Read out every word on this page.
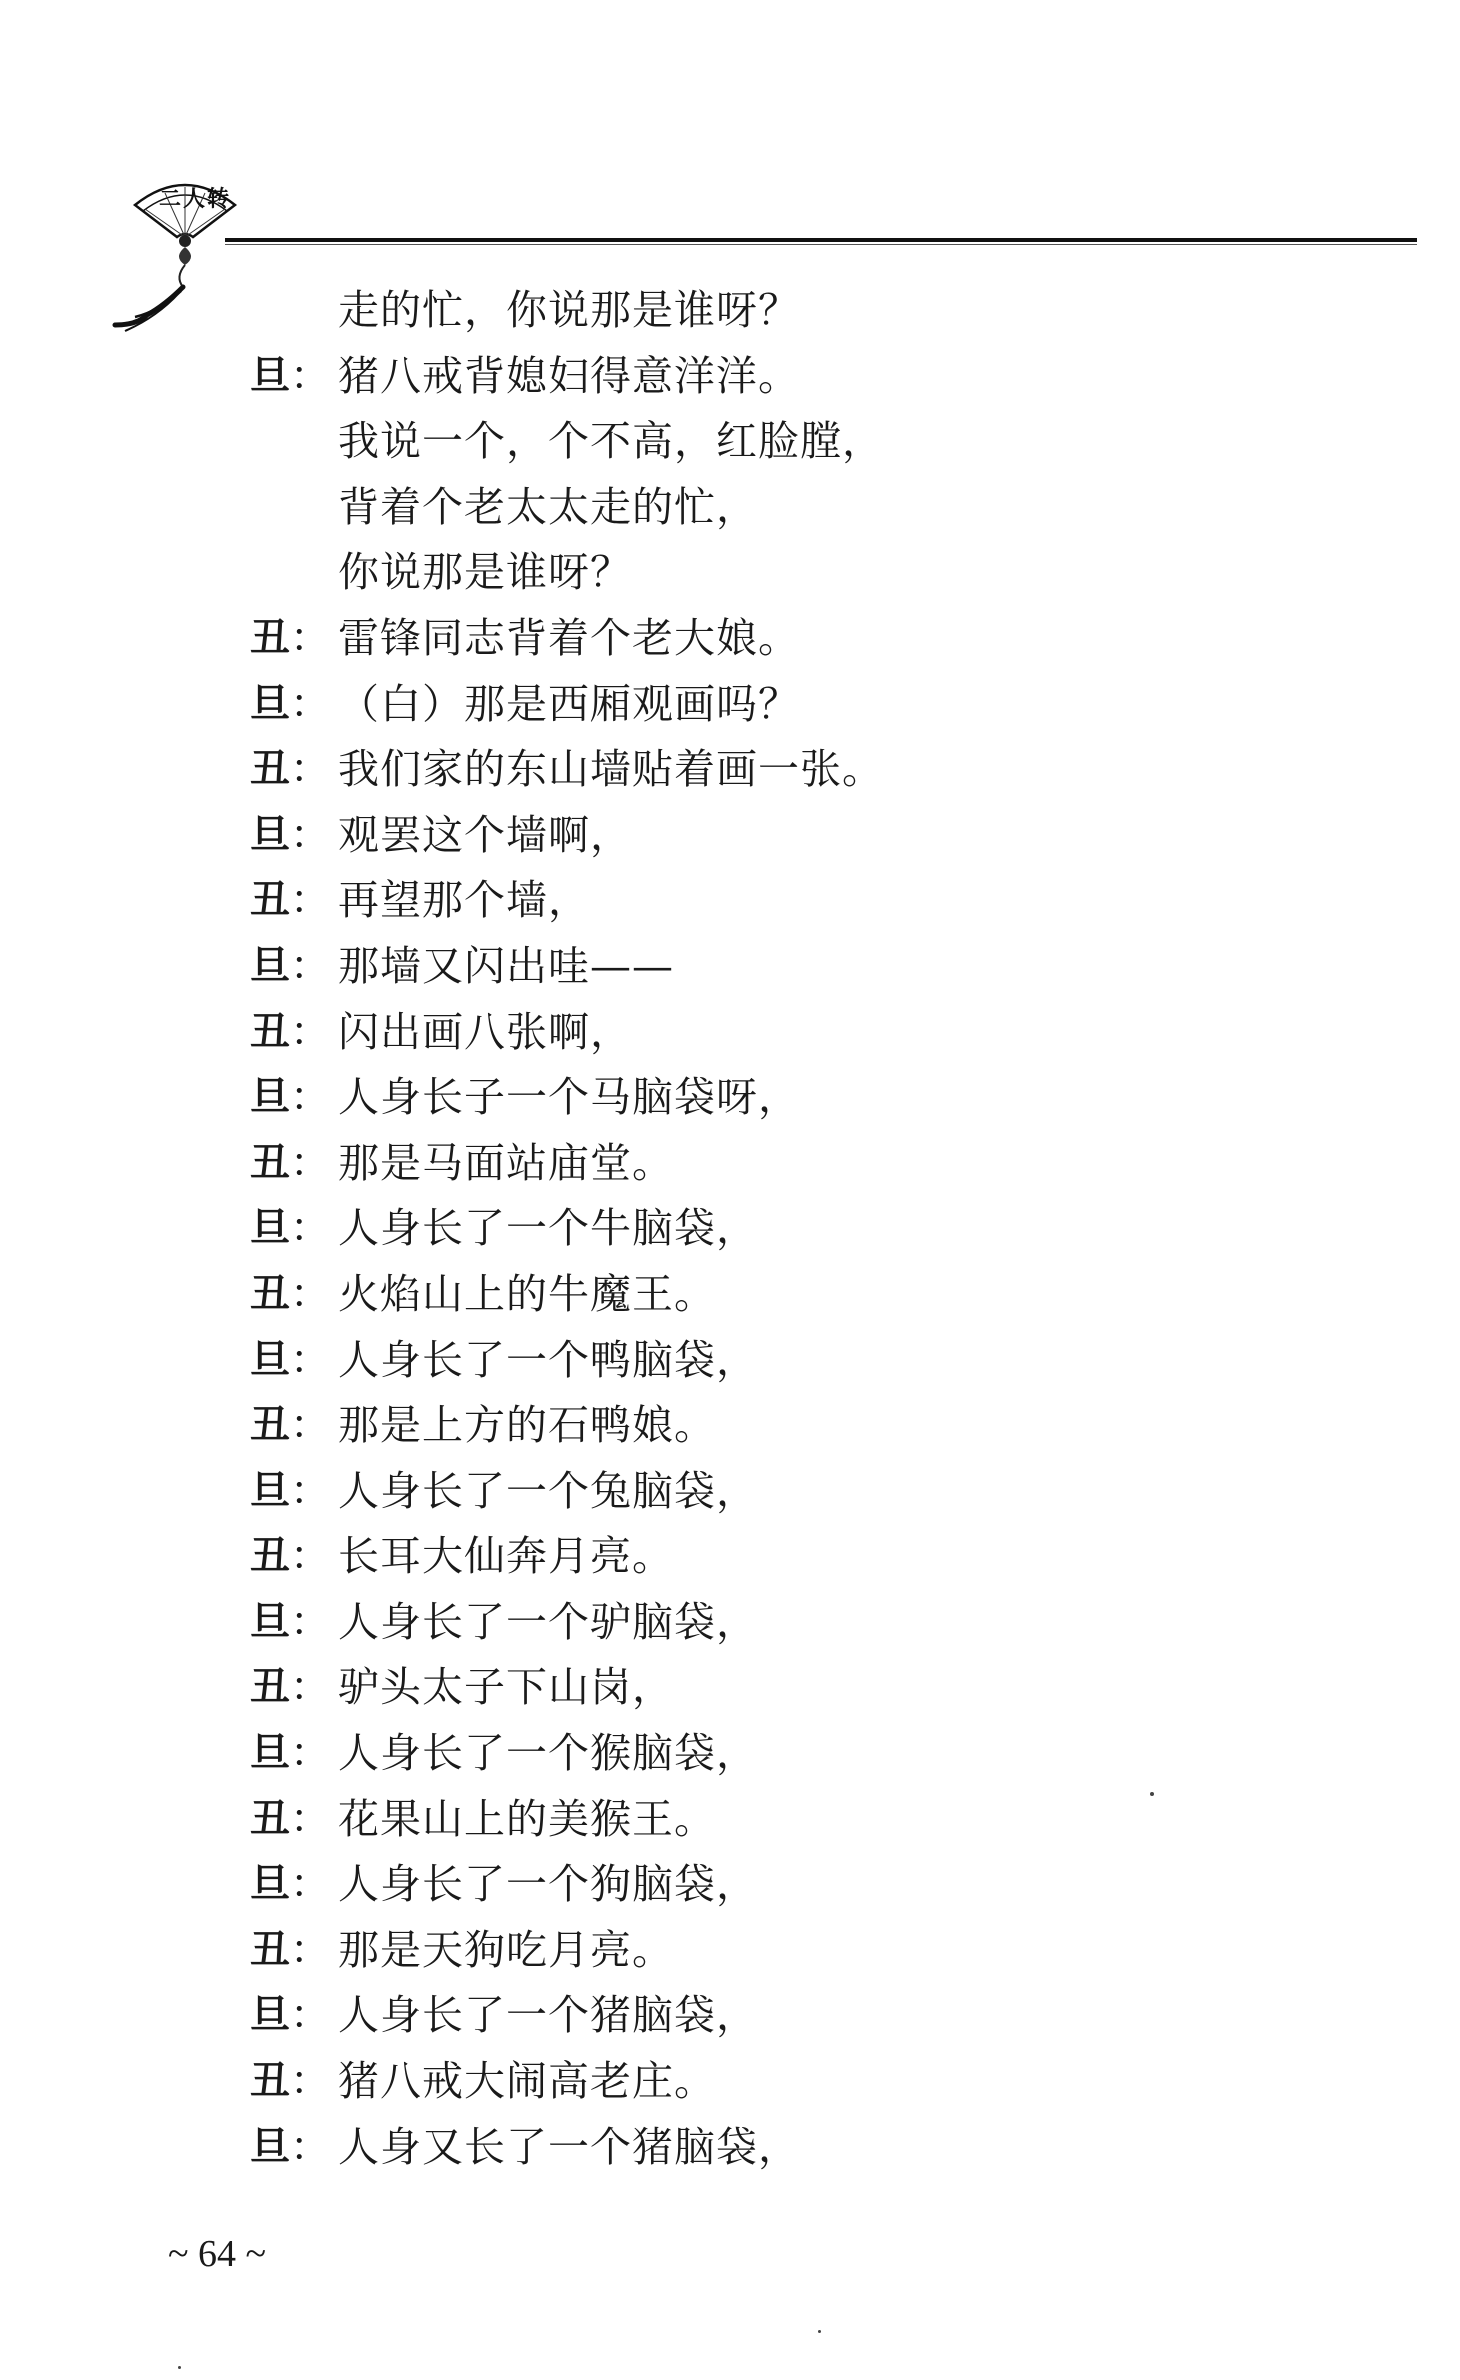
二人转
走的忙，你说那是谁呀？
旦： 猪八戒背媳妇得意洋洋。
我说一个，个不高，红脸膛，
背着个老太太走的忙，
你说那是谁呀？
丑： 雷锋同志背着个老大娘。
旦： （白）那是西厢观画吗？
丑： 我们家的东山墙贴着画一张。
旦： 观罢这个墙啊，
丑： 再望那个墙，
旦： 那墙又闪出哇——
丑： 闪出画八张啊，
旦： 人身长子一个马脑袋呀，
丑： 那是马面站庙堂。
旦： 人身长了一个牛脑袋，
丑： 火焰山上的牛魔王。
旦： 人身长了一个鸭脑袋，
丑： 那是上方的石鸭娘。
旦： 人身长了一个兔脑袋，
丑： 长耳大仙奔月亮。
旦： 人身长了一个驴脑袋，
丑： 驴头太子下山岗，
旦： 人身长了一个猴脑袋，
丑： 花果山上的美猴王。
旦： 人身长了一个狗脑袋，
丑： 那是天狗吃月亮。
旦： 人身长了一个猪脑袋，
丑： 猪八戒大闹高老庄。
旦： 人身又长了一个猪脑袋，
~ 64 ~
